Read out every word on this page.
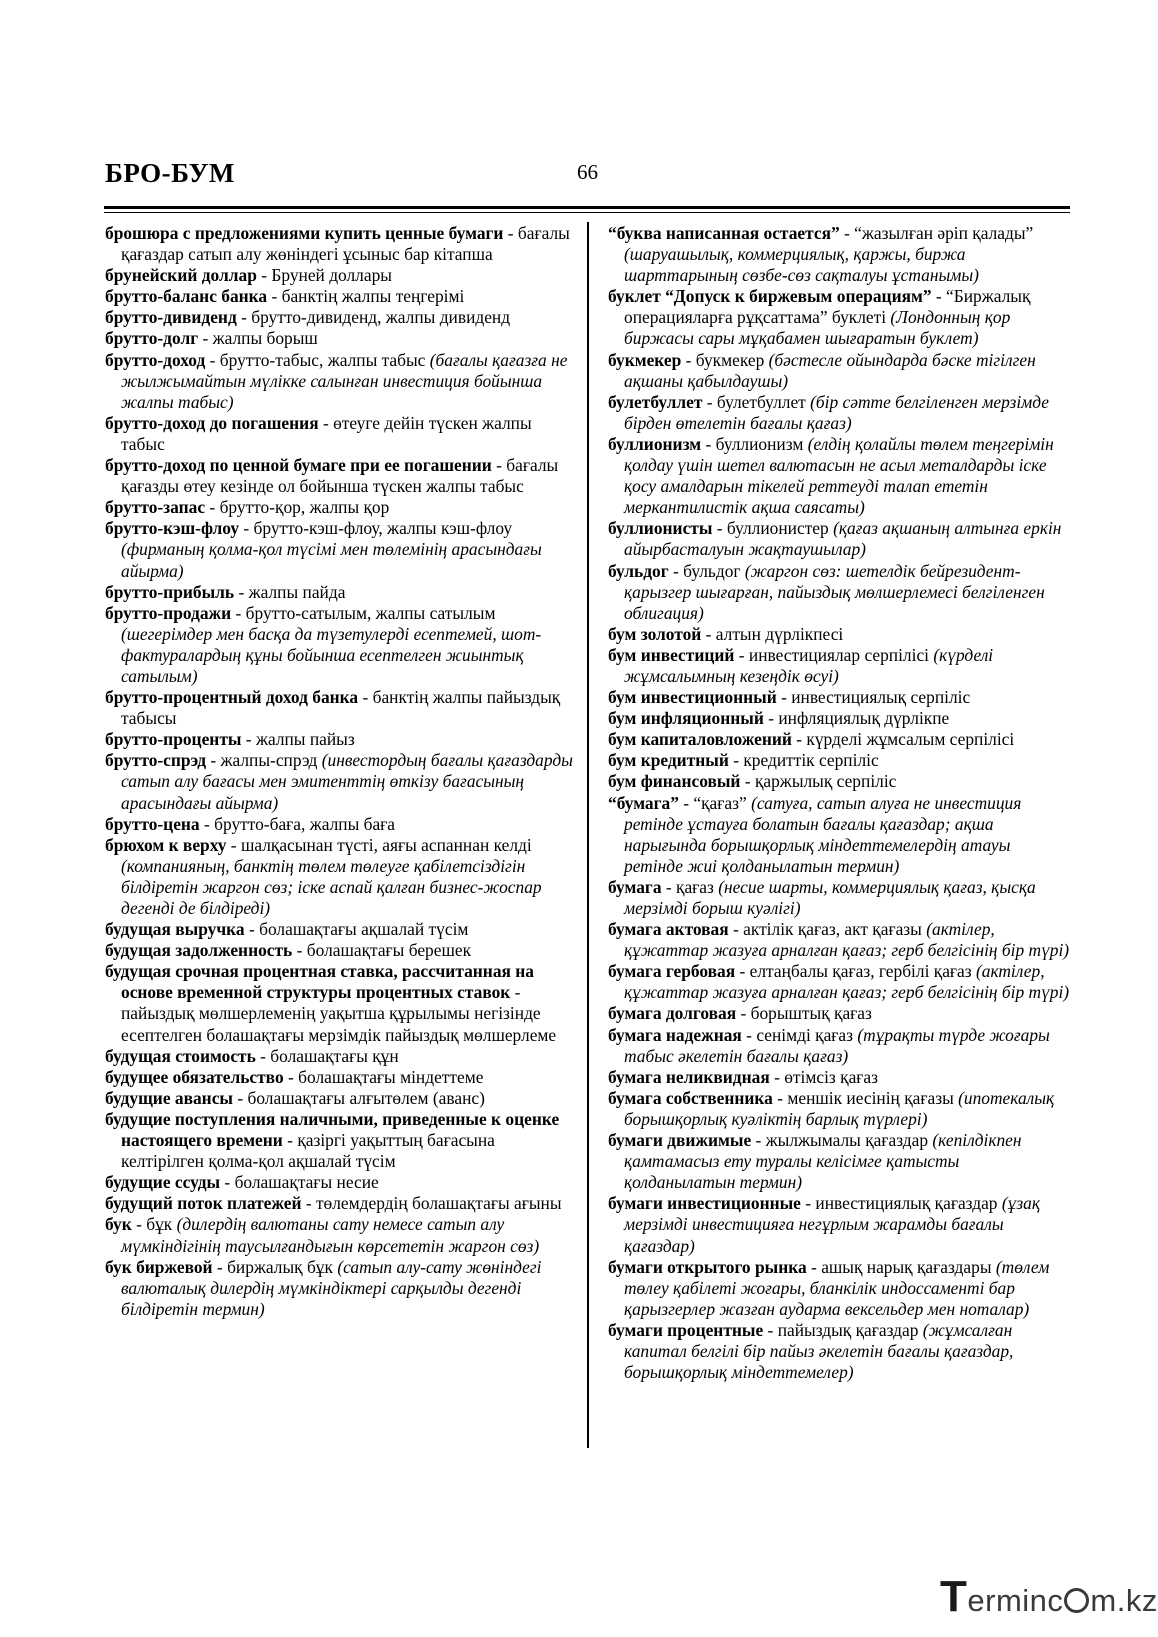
БРО-БУМ	66
брошюра с предложениями купить ценные бумаги - бағалы қағаздар сатып алу жөніндегі ұсыныс бар кітапша
брунейский доллар - Бруней доллары
брутто-баланс банка - банктің жалпы теңгерімі
брутто-дивиденд - брутто-дивиденд, жалпы дивиденд
брутто-долг - жалпы борыш
брутто-доход - брутто-табыс, жалпы табыс (бағалы қағазға не жылжымайтын мүлікке салынған инвестиция бойынша жалпы табыс)
брутто-доход до погашения - өтеуге дейін түскен жалпы табыс
брутто-доход по ценной бумаге при ее погашении - бағалы қағазды өтеу кезінде ол бойынша түскен жалпы табыс
брутто-запас - брутто-қор, жалпы қор
брутто-кэш-флоу - брутто-кэш-флоу, жалпы кэш-флоу (фирманың қолма-қол түсімі мен төлемінің арасындағы айырма)
брутто-прибыль - жалпы пайда
брутто-продажи - брутто-сатылым, жалпы сатылым (шегерімдер мен басқа да түзетулерді есептемей, шот-фактуралардың құны бойынша есептелген жиынтық сатылым)
брутто-процентный доход банка - банктің жалпы пайыздық табысы
брутто-проценты - жалпы пайыз
брутто-спрэд - жалпы-спрэд (инвестордың бағалы қағаздарды сатып алу бағасы мен эмитенттің өткізу бағасының арасындағы айырма)
брутто-цена - брутто-баға, жалпы баға
брюхом к верху - шалқасынан түсті, аяғы аспаннан келді (компанияның, банктің төлем төлеуге қабілетсіздігін білдіретін жаргон сөз; іске аспай қалған бизнес-жоспар дегенді де білдіреді)
будущая выручка - болашақтағы ақшалай түсім
будущая задолженность - болашақтағы берешек
будущая срочная процентная ставка, рассчитанная на основе временной структуры процентных ставок - пайыздық мөлшерлеменің уақытша құрылымы негізінде есептелген болашақтағы мерзімдік пайыздық мөлшерлеме
будущая стоимость - болашақтағы құн
будущее обязательство - болашақтағы міндеттеме
будущие авансы - болашақтағы алғытөлем (аванс)
будущие поступления наличными, приведенные к оценке настоящего времени - қазіргі уақыттың бағасына келтірілген қолма-қол ақшалай түсім
будущие ссуды - болашақтағы несие
будущий поток платежей - төлемдердің болашақтағы ағыны
бук - бұк (дилердің валютаны сату немесе сатып алу мүмкіндігінің таусылғандығын көрсететін жаргон сөз)
бук биржевой - биржалық бұк (сатып алу-сату жөніндегі валюталық дилердің мүмкіндіктері сарқылды дегенді білдіретін термин)
“буква написанная остается” - “жазылған әріп қалады” (шаруашылық, коммерциялық, қаржы, биржа шарттарының сөзбе-сөз сақталуы ұстанымы)
буклет “Допуск к биржевым операциям” - “Биржалық операцияларға рұқсаттама” буклеті (Лондонның қор биржасы сары мұқабамен шығаратын буклет)
букмекер - букмекер (бәстесле ойындарда бәске тігілген ақшаны қабылдаушы)
булетбуллет - булетбуллет (бір сәтте белгіленген мерзімде бірден өтелетін бағалы қағаз)
буллионизм - буллионизм (елдің қолайлы төлем теңгерімін қолдау үшін шетел валютасын не асыл металдарды іске қосу амалдарын тікелей реттеуді талап ететін меркантилистік ақша саясаты)
буллионисты - буллионистер (қағаз ақшаның алтынға еркін айырбасталуын жақтаушылар)
бульдог - бульдог (жаргон сөз: шетелдік бейрезидент-қарызгер шығарған, пайыздық мөлшерлемесі белгіленген облигация)
бум золотой - алтын дүрлікпесі
бум инвестиций - инвестициялар серпілісі (күрделі жұмсалымның кезеңдік өсуі)
бум инвестиционный - инвестициялық серпіліс
бум инфляционный - инфляциялық дүрлікпе
бум капиталовложений - күрделі жұмсалым серпілісі
бум кредитный - кредиттік серпіліс
бум финансовый - қаржылық серпіліс
“бумага” - “қағаз” (сатуға, сатып алуға не инвестиция ретінде ұстауға болатын бағалы қағаздар; ақша нарығында борышқорлық міндеттемелердің атауы ретінде жиі қолданылатын термин)
бумага - қағаз (несие шарты, коммерциялық қағаз, қысқа мерзімді борыш куәлігі)
бумага актовая - актілік қағаз, акт қағазы (актілер, құжаттар жазуға арналған қағаз; герб белгісінің бір түрі)
бумага гербовая - елтаңбалы қағаз, гербілі қағаз (актілер, құжаттар жазуға арналған қағаз; герб белгісінің бір түрі)
бумага долговая - борыштық қағаз
бумага надежная - сенімді қағаз (тұрақты түрде жоғары табыс әкелетін бағалы қағаз)
бумага неликвидная - өтімсіз қағаз
бумага собственника - меншік иесінің қағазы (ипотекалық борышқорлық куәліктің барлық түрлері)
бумаги движимые - жылжымалы қағаздар (кепілдікпен қамтамасыз ету туралы келісімге қатысты қолданылатын термин)
бумаги инвестиционные - инвестициялық қағаздар (ұзақ мерзімді инвестицияға негұрлым жарамды бағалы қағаздар)
бумаги открытого рынка - ашық нарық қағаздары (төлем төлеу қабілеті жоғары, бланкілік индоссаменті бар қарызгерлер жазған аударма вексельдер мен ноталар)
бумаги процентные - пайыздық қағаздар (жұмсалған капитал белгілі бір пайыз әкелетін бағалы қағаздар, борышқорлық міндеттемелер)
Terminc m.kz
